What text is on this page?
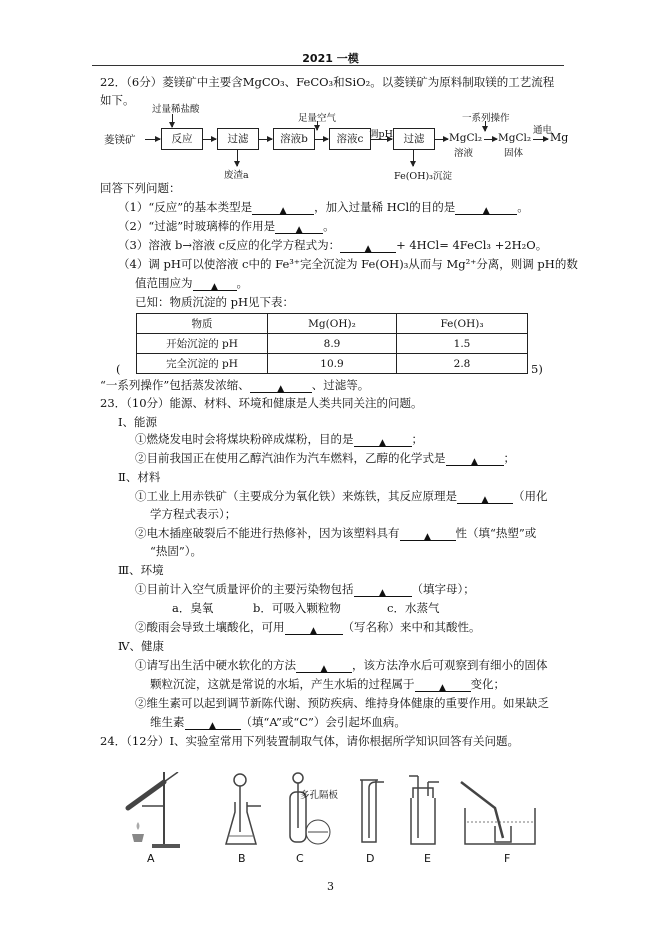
2021 一模
22．（6分）菱镁矿中主要含MgCO₃、FeCO₃和SiO₂。以菱镁矿为原料制取镁的工艺流程
如下。
过量稀盐酸
足量空气	一系列操作
菱镁矿	反应	过滤	溶液b	溶液c 调pH	过滤	MgCl₂
溶液
MgCl₂
固体
通电
Mg
废渣a	Fe(OH)₃沉淀
回答下列问题：
（1）“反应”的基本类型是	▲ ，加入过量稀 HCl的目的是	▲ 。
（2）“过滤”时玻璃棒的作用是 ▲ 。
（3）溶液 b→溶液 c反应的化学方程式为：	▲ + 4HCl= 4FeCl₃ +2H₂O。
（4）调 pH可以使溶液 c中的 Fe³⁺完全沉淀为 Fe(OH)₃从而与 Mg²⁺分离，则调 pH的数
值范围应为 ▲ 。
已知：物质沉淀的 pH见下表：
物质	Mg(OH)₂	Fe(OH)₃
开始沉淀的 pH	8.9	1.5
完全沉淀的 pH	10.9	2.8
(	5)
“一系列操作”包括蒸发浓缩、	▲ 、过滤等。
23．（10分）能源、材料、环境和健康是人类共同关注的问题。
Ⅰ、能源
①燃烧发电时会将煤块粉碎成煤粉，目的是	▲ ；
②目前我国正在使用乙醇汽油作为汽车燃料，乙醇的化学式是	▲ ；
Ⅱ、材料
①工业上用赤铁矿（主要成分为氧化铁）来炼铁，其反应原理是	▲ （用化
学方程式表示）；
②电木插座破裂后不能进行热修补，因为该塑料具有	▲ 性（填“热塑”或
“热固”）。
Ⅲ、环境
①目前计入空气质量评价的主要污染物包括	▲ （填字母）；
a．臭氧	b．可吸入颗粒物	c．水蒸气
②酸雨会导致土壤酸化，可用	▲ （写名称）来中和其酸性。
Ⅳ、健康
①请写出生活中硬水软化的方法	▲ ，该方法净水后可观察到有细小的固体
颗粒沉淀，这就是常说的水垢，产生水垢的过程属于	▲ 变化；
②维生素可以起到调节新陈代谢、预防疾病、维持身体健康的重要作用。如果缺乏
维生素	▲ （填“A”或“C”）会引起坏血病。
24．（12分）Ⅰ、实验室常用下列装置制取气体，请你根据所学知识回答有关问题。
多孔隔板
A	B	C	D	E	F
3
